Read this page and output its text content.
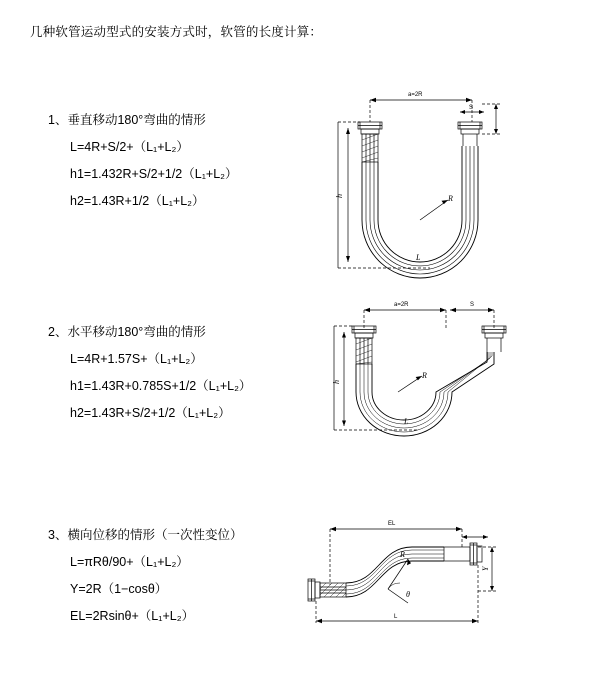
几种软管运动型式的安装方式时，软管的长度计算：
1、垂直移动180°弯曲的情形
L=4R+S/2+（L₁+L₂）
h1=1.432R+S/2+1/2（L₁+L₂）
h2=1.43R+1/2（L₁+L₂）
a=2R
S
R
L
h
2、水平移动180°弯曲的情形
L=4R+1.57S+（L₁+L₂）
h1=1.43R+0.785S+1/2（L₁+L₂）
h2=1.43R+S/2+1/2（L₁+L₂）
a=2R	S
R
h
L
3、横向位移的情形（一次性变位）
L=πRθ/90+（L₁+L₂）
Y=2R（1−cosθ）
EL=2Rsinθ+（L₁+L₂）
EL
R
θ
Y
L
